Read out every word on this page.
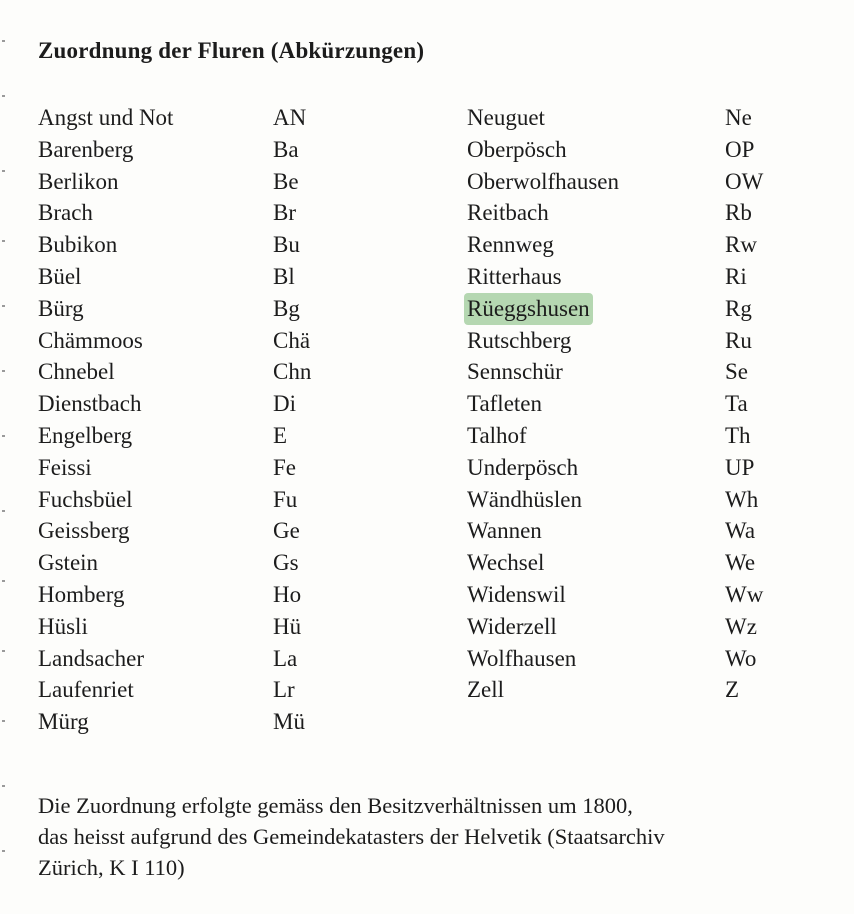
Zuordnung der Fluren (Abkürzungen)
Angst und Not	AN	Neuguet	Ne
Barenberg	Ba	Oberpösch	OP
Berlikon	Be	Oberwolfhausen	OW
Brach	Br	Reitbach	Rb
Bubikon	Bu	Rennweg	Rw
Büel	Bl	Ritterhaus	Ri
Bürg	Bg	Rüeggshusen	Rg
Chämmoos	Chä	Rutschberg	Ru
Chnebel	Chn	Sennschür	Se
Dienstbach	Di	Tafleten	Ta
Engelberg	E	Talhof	Th
Feissi	Fe	Underpösch	UP
Fuchsbüel	Fu	Wändhüslen	Wh
Geissberg	Ge	Wannen	Wa
Gstein	Gs	Wechsel	We
Homberg	Ho	Widenswil	Ww
Hüsli	Hü	Widerzell	Wz
Landsacher	La	Wolfhausen	Wo
Laufenriet	Lr	Zell	Z
Mürg	Mü

Die Zuordnung erfolgte gemäss den Besitzverhältnissen um 1800,

das heisst aufgrund des Gemeindekatasters der Helvetik (Staatsarchiv

Zürich, K I 110)
